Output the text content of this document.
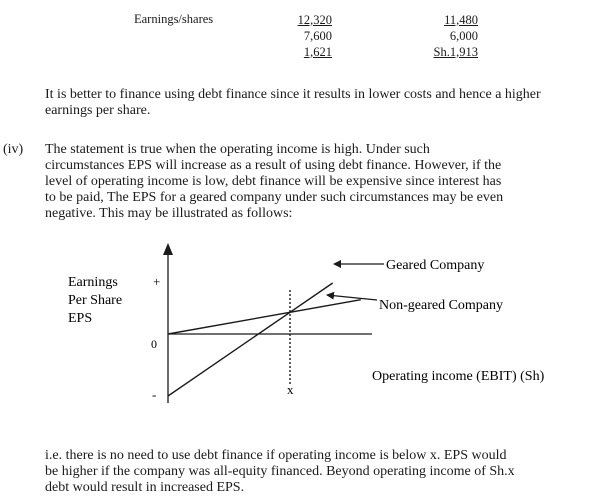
Earnings/shares	12,320
7,600
1,621
11,480
6,000
Sh.1,913
It is better to finance using debt finance since it results in lower costs and hence a higher earnings per share.
(iv) The statement is true when the operating income is high. Under such
circumstances EPS will increase as a result of using debt finance. However, if the
level of operating income is low, debt finance will be expensive since interest has
to be paid, The EPS for a geared company under such circumstances may be even
negative. This may be illustrated as follows:
Earnings
Per Share
EPS
+
0
-	x
Geared Company
Non-geared Company
Operating income (EBIT) (Sh)
i.e. there is no need to use debt finance if operating income is below x. EPS would
be higher if the company was all-equity financed. Beyond operating income of Sh.x
debt would result in increased EPS.
